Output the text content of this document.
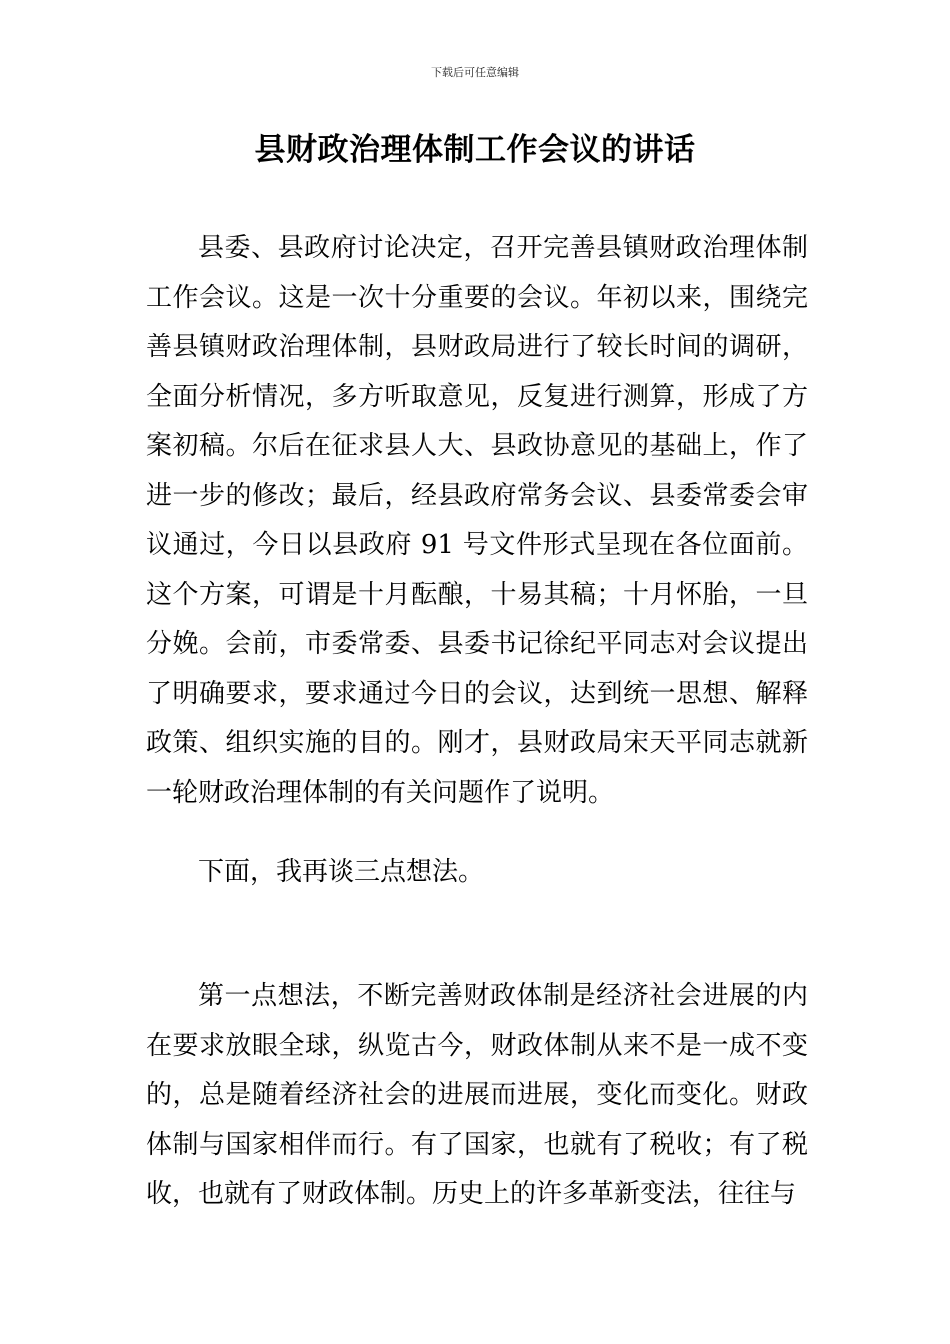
下载后可任意编辑
县财政治理体制工作会议的讲话

县委、县政府讨论决定，召开完善县镇财政治理体制工作会议。这是一次十分重要的会议。年初以来，围绕完善县镇财政治理体制，县财政局进行了较长时间的调研，全面分析情况，多方听取意见，反复进行测算，形成了方案初稿。尔后在征求县人大、县政协意见的基础上，作了进一步的修改；最后，经县政府常务会议、县委常委会审议通过，今日以县政府 91 号文件形式呈现在各位面前。这个方案，可谓是十月酝酿，十易其稿；十月怀胎，一旦分娩。会前，市委常委、县委书记徐纪平同志对会议提出了明确要求，要求通过今日的会议，达到统一思想、解释政策、组织实施的目的。刚才，县财政局宋天平同志就新一轮财政治理体制的有关问题作了说明。

下面，我再谈三点想法。

第一点想法，不断完善财政体制是经济社会进展的内在要求放眼全球，纵览古今，财政体制从来不是一成不变的，总是随着经济社会的进展而进展，变化而变化。财政体制与国家相伴而行。有了国家，也就有了税收；有了税收，也就有了财政体制。历史上的许多革新变法，往往与
